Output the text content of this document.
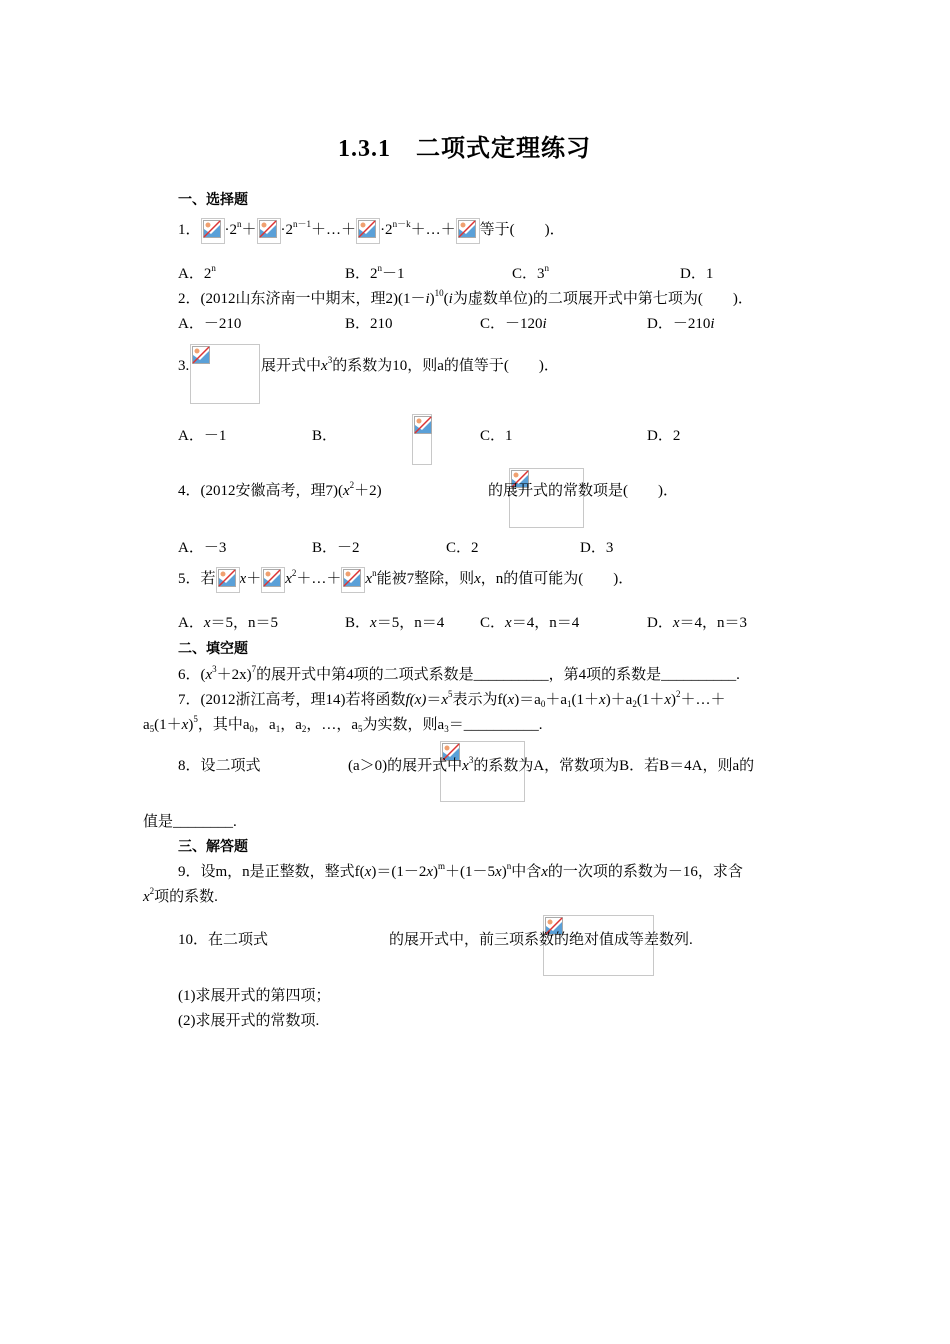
1.3.1　二项式定理练习
一、选择题
1． $\cdot 2^n+$ $\cdot 2^{n-1}+\dots+$ $\cdot 2^{n-k}+\dots+$ 等于(　　)．
A．2$^n$	B．$2^n-1$	C．3$^n$	D．1
2．(2012山东济南一中期末，理$2)(1-i)^{10}(i$为虚数单位)的二项展开式中第七项为(　　)．
A．－210	B．210	C．－120i	D．－210i
3.
	展开式中$x^3$的系数为10，则a的值等于(　　)．
A．－1	B．
	C．1	D．2
4．(2012安徽高考，理$7)(x^2+2)$
	的展开式的常数项是(　　)．
A．－3	B．－2	C．2	D．3
5．若 $x+ x^2+\dots+ x^n$能被7整除，则x，n的值可能为(　　)．
A．x＝5，n＝5	B．x＝5，n＝4 C．x＝4，n＝4	D．x＝4，n＝3
二、填空题
6．$(x^3+2x)^7$的展开式中第4项的二项式系数是__________，第4项的系数是__________.
7．(2012浙江高考，理14)若将函数$f(x)=x^5$表示为$f(x)=a_0+a_1(1+x)+a_2(1+x)^2+\dots+$
$a_5(1+x)^5$，其中$a_0$，$a_1$，$a_2$，…，$a_5$为实数，则$a_3=\_\_\_\_\_\_\_\_\_\_$.
8．设二项式
	(a＞0)的展开式中$x^3$的系数为A，常数项为B．若B＝4A，则a的
值是________.
三、解答题
9．设m，n是正整数，整式$f(x)=(1-2x)^m+(1-5x)^n$中含x的一次项的系数为－16，求含
$x^2$项的系数.
10．在二项式	的展开式中，前三项系数的绝对值成等差数列.
(1)求展开式的第四项；
(2)求展开式的常数项.
